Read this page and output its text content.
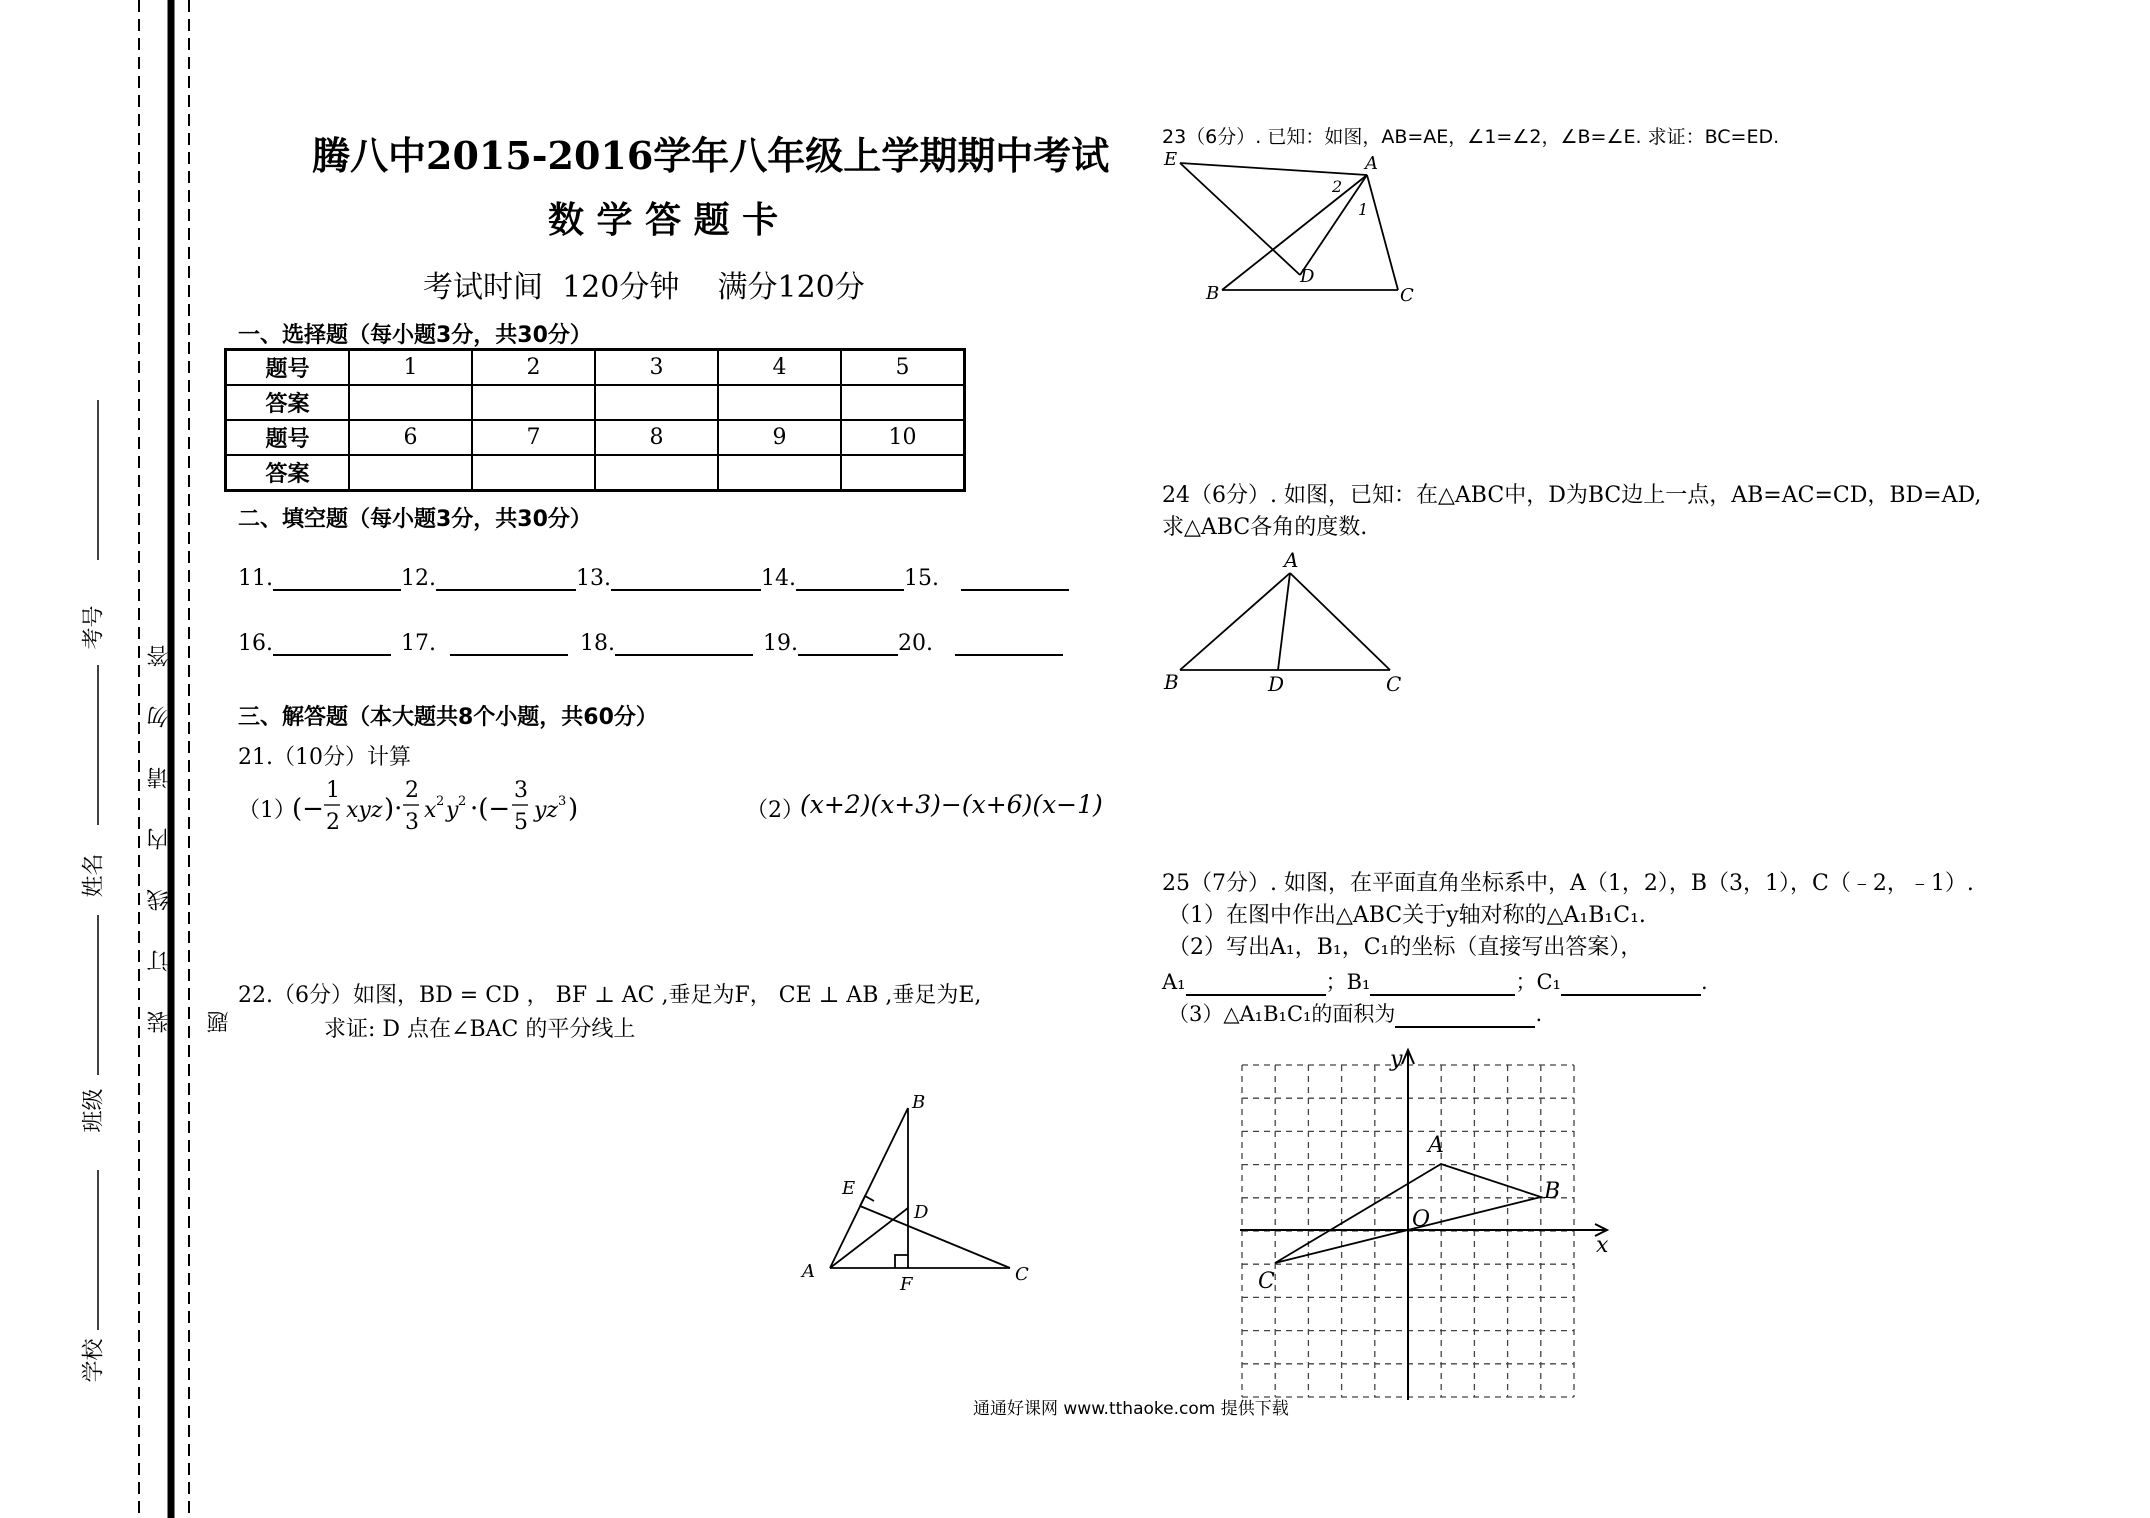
考号
姓名
班级
学校
装 订 线 内 请 勿 答 题
腾八中2015-2016学年八年级上学期期中考试
数 学 答 题 卡
考试时间  120分钟    满分120分
一、选择题（每小题3分，共30分）
题号	1	2	3	4	5
答案					
题号	6	7	8	9	10
答案					
二、填空题（每小题3分，共30分）
11.	12.	13.	14.	15.
16.	17.	18.	19.	20.
三、解答题（本大题共8个小题，共60分）
21.（10分）计算
（1）
(−
1
2 xyz )·
2
3 x 2 y 2 ·(−
3
5 yz 3 )	（2）
(x+2)(x+3)−(x+6)(x−1)
22.（6分）如图，BD = CD ， BF ⊥ AC ,垂足为F， CE ⊥ AB ,垂足为E,
求证: D 点在∠BAC 的平分线上
B
E
D
A
F	C
23（6分）. 已知：如图，AB=AE，∠1=∠2，∠B=∠E. 求证：BC=ED.
E	A
2
1
B
D
C
24（6分）. 如图，已知：在△ABC中，D为BC边上一点，AB=AC=CD，BD=AD,
求△ABC各角的度数.
A
B	D	C
25（7分）. 如图，在平面直角坐标系中，A（1，2），B（3，1），C（﹣2，﹣1）.
（1）在图中作出△ABC关于y轴对称的△A₁B₁C₁.
（2）写出A₁，B₁，C₁的坐标（直接写出答案），
A₁	；B₁	；C₁	.
（3）△A₁B₁C₁的面积为	.
y
A
B
O
C
x
通通好课网 www.tthaoke.com 提供下载
